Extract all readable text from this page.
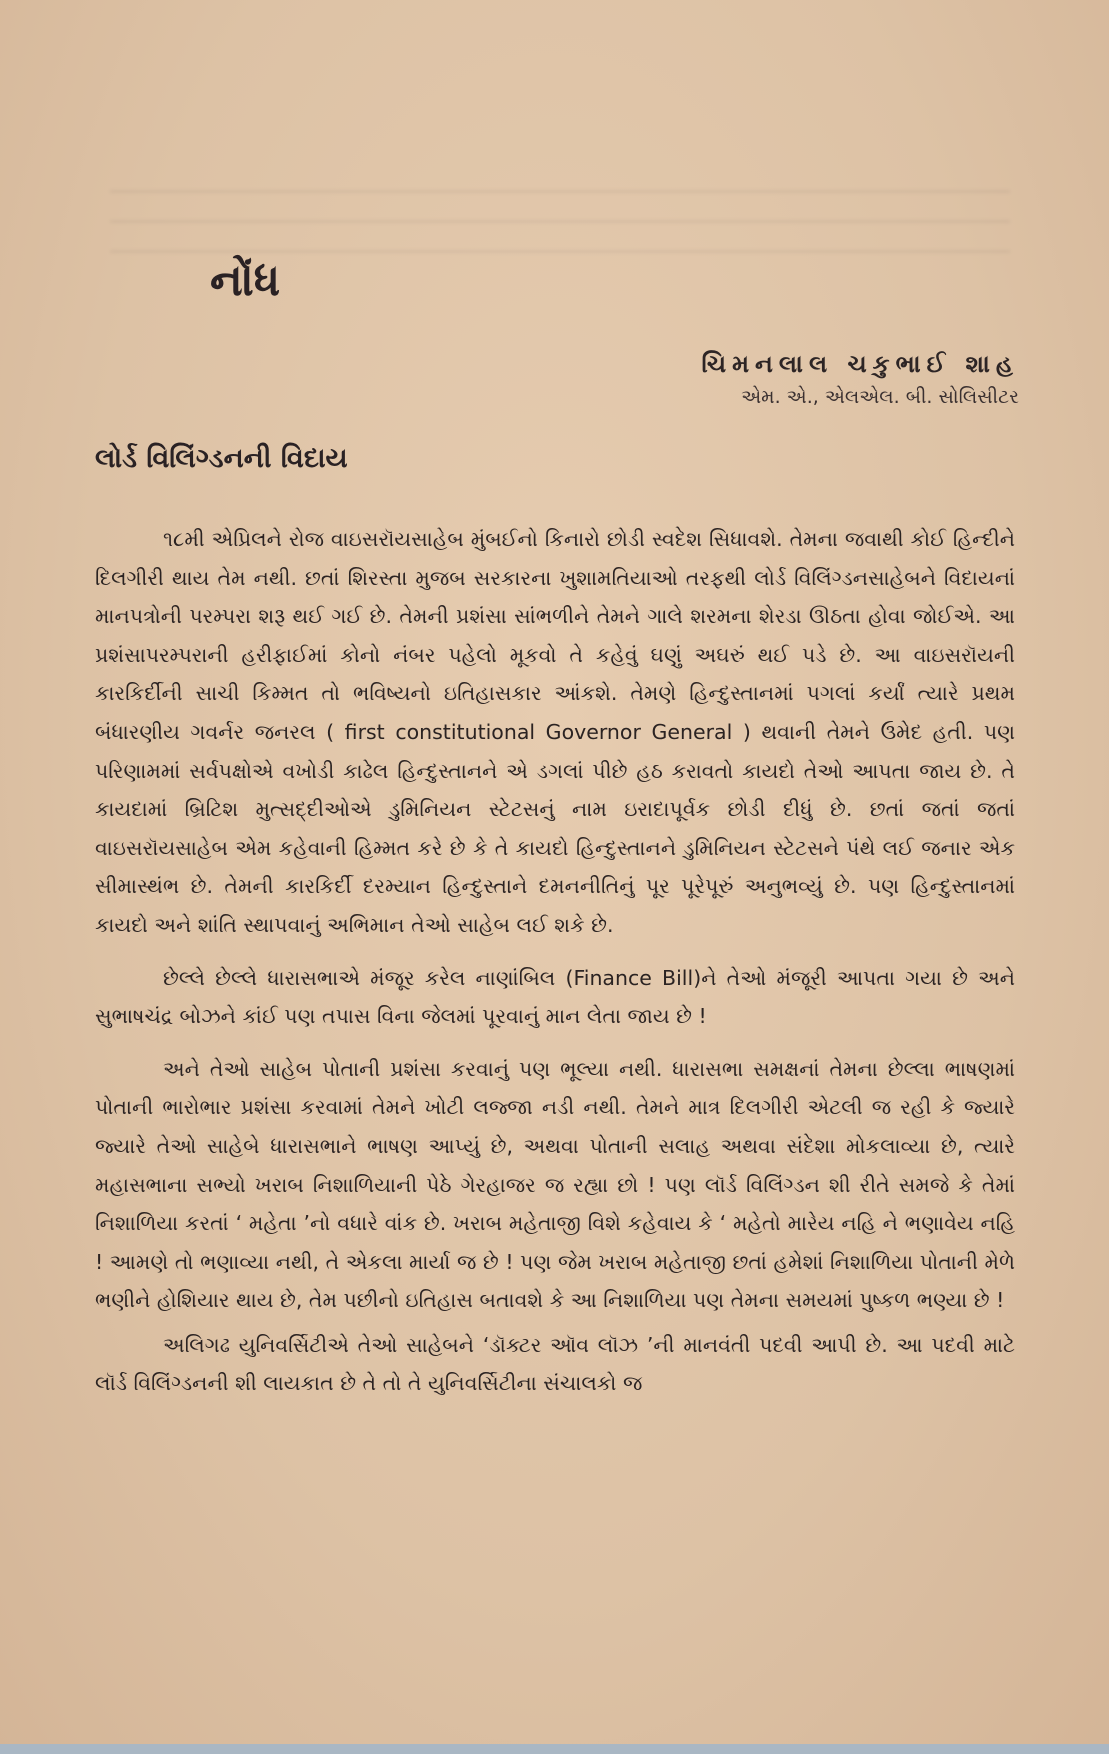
નોંધ
ચિમનલાલ ચકુભાઈ શાહ
એમ. એ., એલએલ. બી. સોલિસીટર
લોર્ડ વિલિંગ્ડનની વિદાય

૧૮મી એપ્રિલને રોજ વાઇસરૉયસાહેબ મુંબઈનો કિનારો છોડી સ્વદેશ સિધાવશે. તેમના જવાથી કોઈ હિન્દીને દિલગીરી થાય તેમ નથી. છતાં શિરસ્તા મુજબ સરકારના ખુશામતિયાઓ તરફથી લોર્ડ વિલિંગ્ડનસાહેબને વિદાયનાં માનપત્રોની પરમ્પરા શરૂ થઈ ગઈ છે. તેમની પ્રશંસા સાંભળીને તેમને ગાલે શરમના શેરડા ઊઠતા હોવા જોઈએ. આ પ્રશંસાપરમ્પરાની હરીફાઈમાં કોનો નંબર પહેલો મૂકવો તે કહેવું ઘણું અઘરું થઈ પડે છે. આ વાઇસરૉયની કારકિર્દીની સાચી કિમ્મત તો ભવિષ્યનો ઇતિહાસકાર આંકશે. તેમણે હિન્દુસ્તાનમાં પગલાં કર્યાં ત્યારે પ્રથમ બંધારણીય ગવર્નર જનરલ ( first constitutional Governor General ) થવાની તેમને ઉમેદ હતી. પણ પરિણામમાં સર્વપક્ષોએ વખોડી કાઢેલ હિન્દુસ્તાનને એ ડગલાં પીછે હઠ કરાવતો કાયદો તેઓ આપતા જાય છે. તે કાયદામાં બ્રિટિશ મુત્સદ્દીઓએ ડુમિનિયન સ્ટેટસનું નામ ઇરાદાપૂર્વક છોડી દીધું છે. છતાં જતાં જતાં વાઇસરૉયસાહેબ એમ કહેવાની હિમ્મત કરે છે કે તે કાયદો હિન્દુસ્તાનને ડુમિનિયન સ્ટેટસને પંથે લઈ જનાર એક સીમાસ્થંભ છે. તેમની કારકિર્દી દરમ્યાન હિન્દુસ્તાને દમનનીતિનું પૂર પૂરેપૂરું અનુભવ્યું છે. પણ હિન્દુસ્તાનમાં કાયદો અને શાંતિ સ્થાપવાનું અભિમાન તેઓ સાહેબ લઈ શકે છે.

છેલ્લે છેલ્લે ધારાસભાએ મંજૂર કરેલ નાણાંબિલ (Finance Bill)ને તેઓ મંજૂરી આપતા ગયા છે અને સુભાષચંદ્ર બોઝને કાંઈ પણ તપાસ વિના જેલમાં પૂરવાનું માન લેતા જાય છે !

અને તેઓ સાહેબ પોતાની પ્રશંસા કરવાનું પણ ભૂલ્યા નથી. ધારાસભા સમક્ષનાં તેમના છેલ્લા ભાષણમાં પોતાની ભારોભાર પ્રશંસા કરવામાં તેમને ખોટી લજ્જા નડી નથી. તેમને માત્ર દિલગીરી એટલી જ રહી કે જ્યારે જ્યારે તેઓ સાહેબે ધારાસભાને ભાષણ આપ્યું છે, અથવા પોતાની સલાહ અથવા સંદેશા મોકલાવ્યા છે, ત્યારે મહાસભાના સભ્યો ખરાબ નિશાળિયાની પેઠે ગેરહાજર જ રહ્યા છો ! પણ લૉર્ડ વિલિંગ્ડન શી રીતે સમજે કે તેમાં નિશાળિયા કરતાં ‘ મહેતા ’નો વધારે વાંક છે. ખરાબ મહેતાજી વિશે કહેવાય કે ‘ મહેતો મારેય નહિ ને ભણાવેય નહિ ! આમણે તો ભણાવ્યા નથી, તે એકલા માર્યા જ છે ! પણ જેમ ખરાબ મહેતાજી છતાં હમેશાં નિશાળિયા પોતાની મેળે ભણીને હોશિયાર થાય છે, તેમ પછીનો ઇતિહાસ બતાવશે કે આ નિશાળિયા પણ તેમના સમયમાં પુષ્કળ ભણ્યા છે !

અલિગઢ યુનિવર્સિટીએ તેઓ સાહેબને ‘ડૉક્ટર ઑવ લૉઝ ’ની માનવંતી પદવી આપી છે. આ પદવી માટે લૉર્ડ વિલિંગ્ડનની શી લાયકાત છે તે તો તે યુનિવર્સિટીના સંચાલકો જ
